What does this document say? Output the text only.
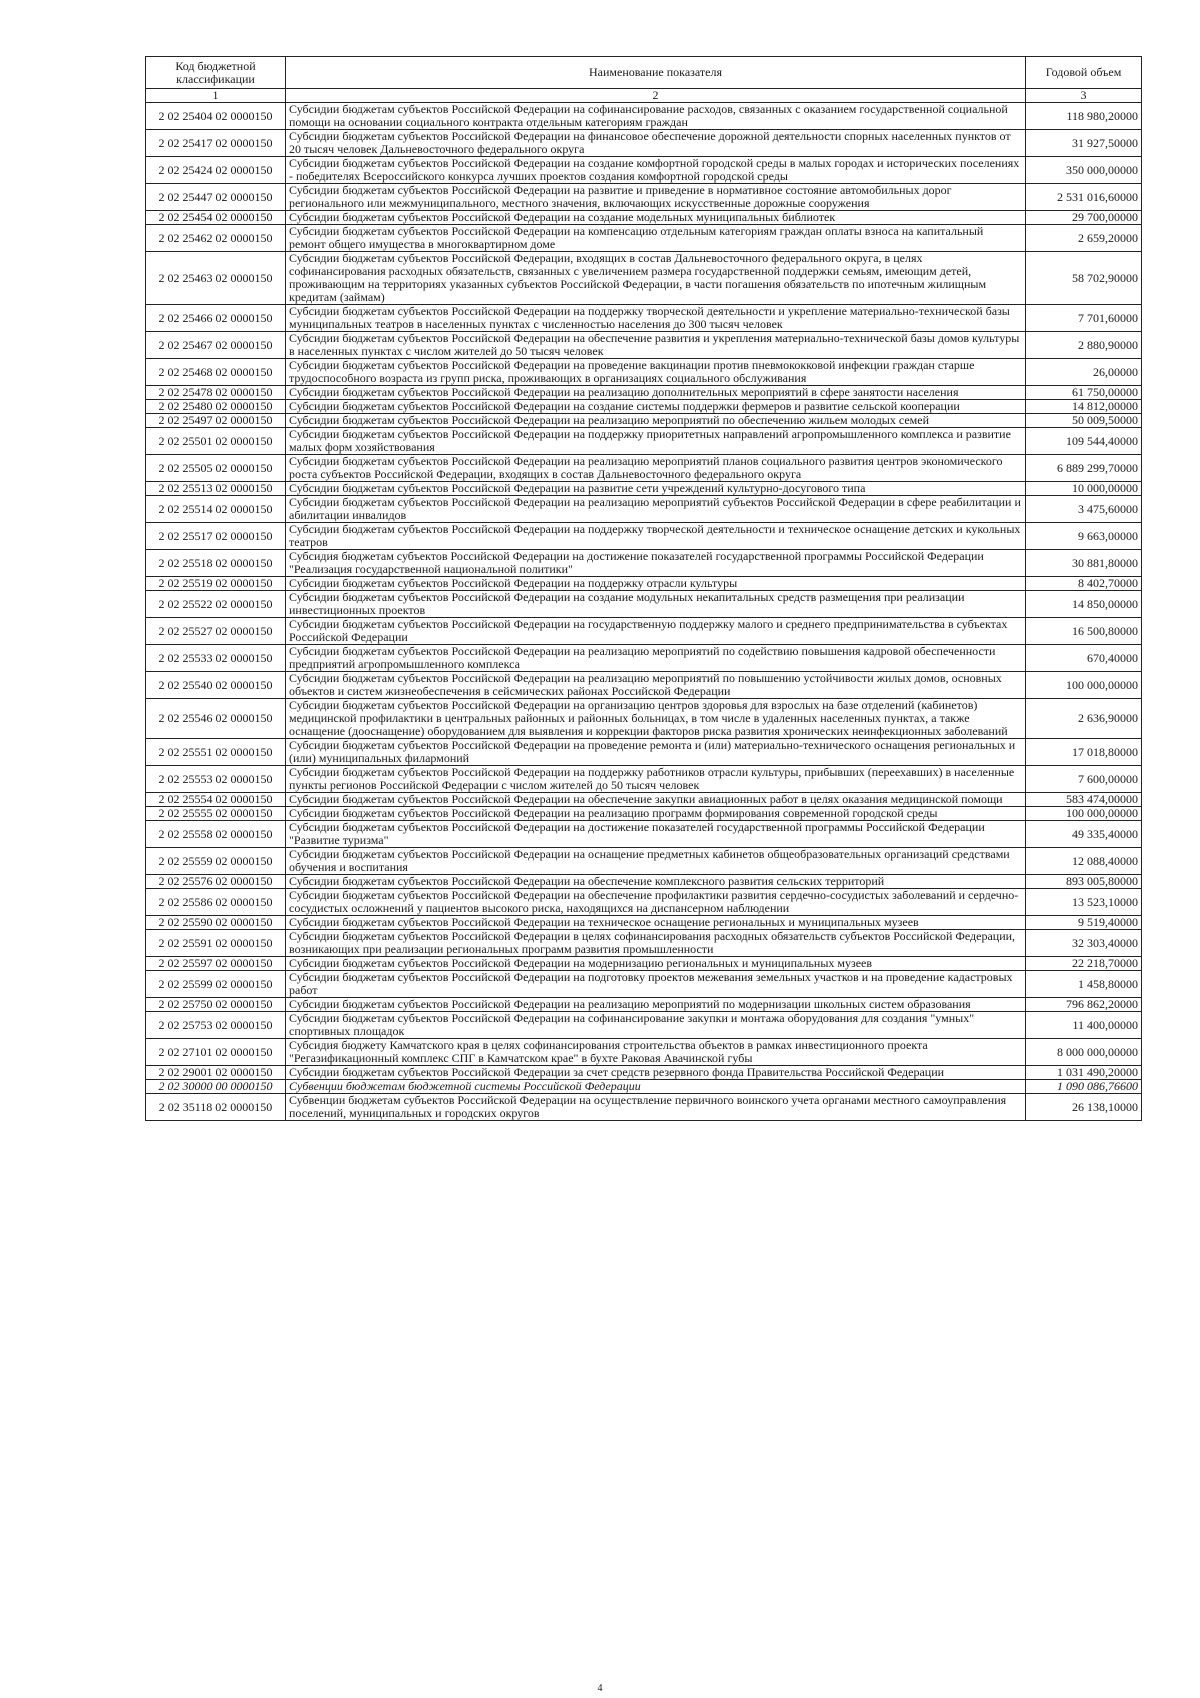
Код бюджетной классификации	Наименование показателя	Годовой объем
1	2	3
2 02 25404 02 0000150	Субсидии бюджетам субъектов Российской Федерации на софинансирование расходов, связанных с оказанием государственной социальной помощи на основании социального контракта отдельным категориям граждан	118 980,20000
2 02 25417 02 0000150	Субсидии бюджетам субъектов Российской Федерации на финансовое обеспечение дорожной деятельности спорных населенных пунктов от 20 тысяч человек Дальневосточного федерального округа	31 927,50000
2 02 25424 02 0000150	Субсидии бюджетам субъектов Российской Федерации на создание комфортной городской среды в малых городах и исторических поселениях - победителях Всероссийского конкурса лучших проектов создания комфортной городской среды	350 000,00000
2 02 25447 02 0000150	Субсидии бюджетам субъектов Российской Федерации на развитие и приведение в нормативное состояние автомобильных дорог регионального или межмуниципального, местного значения, включающих искусственные дорожные сооружения	2 531 016,60000
2 02 25454 02 0000150	Субсидии бюджетам субъектов Российской Федерации на создание модельных муниципальных библиотек	29 700,00000
2 02 25462 02 0000150	Субсидии бюджетам субъектов Российской Федерации на компенсацию отдельным категориям граждан оплаты взноса на капитальный ремонт общего имущества в многоквартирном доме	2 659,20000
2 02 25463 02 0000150	Субсидии бюджетам субъектов Российской Федерации, входящих в состав Дальневосточного федерального округа, в целях софинансирования расходных обязательств, связанных с увеличением размера государственной поддержки семьям, имеющим детей, проживающим на территориях указанных субъектов Российской Федерации, в части погашения обязательств по ипотечным жилищным кредитам (займам)	58 702,90000
2 02 25466 02 0000150	Субсидии бюджетам субъектов Российской Федерации на поддержку творческой деятельности и укрепление материально-технической базы муниципальных театров в населенных пунктах с численностью населения до 300 тысяч человек	7 701,60000
2 02 25467 02 0000150	Субсидии бюджетам субъектов Российской Федерации на обеспечение развития и укрепления материально-технической базы домов культуры в населенных пунктах с числом жителей до 50 тысяч человек	2 880,90000
2 02 25468 02 0000150	Субсидии бюджетам субъектов Российской Федерации на проведение вакцинации против пневмококковой инфекции граждан старше трудоспособного возраста из групп риска, проживающих в организациях социального обслуживания	26,00000
2 02 25478 02 0000150	Субсидии бюджетам субъектов Российской Федерации на реализацию дополнительных мероприятий в сфере занятости населения	61 750,00000
2 02 25480 02 0000150	Субсидии бюджетам субъектов Российской Федерации на создание системы поддержки фермеров и развитие сельской кооперации	14 812,00000
2 02 25497 02 0000150	Субсидии бюджетам субъектов Российской Федерации на реализацию мероприятий по обеспечению жильем молодых семей	50 009,50000
2 02 25501 02 0000150	Субсидии бюджетам субъектов Российской Федерации на поддержку приоритетных направлений агропромышленного комплекса и развитие малых форм хозяйствования	109 544,40000
2 02 25505 02 0000150	Субсидии бюджетам субъектов Российской Федерации на реализацию мероприятий планов социального развития центров экономического роста субъектов Российской Федерации, входящих в состав Дальневосточного федерального округа	6 889 299,70000
2 02 25513 02 0000150	Субсидии бюджетам субъектов Российской Федерации на развитие сети учреждений культурно-досугового типа	10 000,00000
2 02 25514 02 0000150	Субсидии бюджетам субъектов Российской Федерации на реализацию мероприятий субъектов Российской Федерации в сфере реабилитации и абилитации инвалидов	3 475,60000
2 02 25517 02 0000150	Субсидии бюджетам субъектов Российской Федерации на поддержку творческой деятельности и техническое оснащение детских и кукольных театров	9 663,00000
2 02 25518 02 0000150	Субсидия бюджетам субъектов Российской Федерации на достижение показателей государственной программы Российской Федерации "Реализация государственной национальной политики"	30 881,80000
2 02 25519 02 0000150	Субсидии бюджетам субъектов Российской Федерации на поддержку отрасли культуры	8 402,70000
2 02 25522 02 0000150	Субсидии бюджетам субъектов Российской Федерации на создание модульных некапитальных средств размещения при реализации инвестиционных проектов	14 850,00000
2 02 25527 02 0000150	Субсидии бюджетам субъектов Российской Федерации на государственную поддержку малого и среднего предпринимательства в субъектах Российской Федерации	16 500,80000
2 02 25533 02 0000150	Субсидии бюджетам субъектов Российской Федерации на реализацию мероприятий по содействию повышения кадровой обеспеченности предприятий агропромышленного комплекса	670,40000
2 02 25540 02 0000150	Субсидии бюджетам субъектов Российской Федерации на реализацию мероприятий по повышению устойчивости жилых домов, основных объектов и систем жизнеобеспечения в сейсмических районах Российской Федерации	100 000,00000
2 02 25546 02 0000150	Субсидии бюджетам субъектов Российской Федерации на организацию центров здоровья для взрослых на базе отделений (кабинетов) медицинской профилактики в центральных районных и районных больницах, в том числе в удаленных населенных пунктах, а также оснащение (дооснащение) оборудованием для выявления и коррекции факторов риска развития хронических неинфекционных заболеваний	2 636,90000
2 02 25551 02 0000150	Субсидии бюджетам субъектов Российской Федерации на проведение ремонта и (или) материально-технического оснащения региональных и (или) муниципальных филармоний	17 018,80000
2 02 25553 02 0000150	Субсидии бюджетам субъектов Российской Федерации на поддержку работников отрасли культуры, прибывших (переехавших) в населенные пункты регионов Российской Федерации с числом жителей до 50 тысяч человек	7 600,00000
2 02 25554 02 0000150	Субсидии бюджетам субъектов Российской Федерации на обеспечение закупки авиационных работ в целях оказания медицинской помощи	583 474,00000
2 02 25555 02 0000150	Субсидии бюджетам субъектов Российской Федерации на реализацию программ формирования современной городской среды	100 000,00000
2 02 25558 02 0000150	Субсидии бюджетам субъектов Российской Федерации на достижение показателей государственной программы Российской Федерации "Развитие туризма"	49 335,40000
2 02 25559 02 0000150	Субсидии бюджетам субъектов Российской Федерации на оснащение предметных кабинетов общеобразовательных организаций средствами обучения и воспитания	12 088,40000
2 02 25576 02 0000150	Субсидии бюджетам субъектов Российской Федерации на обеспечение комплексного развития сельских территорий	893 005,80000
2 02 25586 02 0000150	Субсидии бюджетам субъектов Российской Федерации на обеспечение профилактики развития сердечно-сосудистых заболеваний и сердечно-сосудистых осложнений у пациентов высокого риска, находящихся на диспансерном наблюдении	13 523,10000
2 02 25590 02 0000150	Субсидии бюджетам субъектов Российской Федерации на техническое оснащение региональных и муниципальных музеев	9 519,40000
2 02 25591 02 0000150	Субсидии бюджетам субъектов Российской Федерации в целях софинансирования расходных обязательств субъектов Российской Федерации, возникающих при реализации региональных программ развития промышленности	32 303,40000
2 02 25597 02 0000150	Субсидии бюджетам субъектов Российской Федерации на модернизацию региональных и муниципальных музеев	22 218,70000
2 02 25599 02 0000150	Субсидии бюджетам субъектов Российской Федерации на подготовку проектов межевания земельных участков и на проведение кадастровых работ	1 458,80000
2 02 25750 02 0000150	Субсидии бюджетам субъектов Российской Федерации на реализацию мероприятий по модернизации школьных систем образования	796 862,20000
2 02 25753 02 0000150	Субсидии бюджетам субъектов Российской Федерации на софинансирование закупки и монтажа оборудования для создания "умных" спортивных площадок	11 400,00000
2 02 27101 02 0000150	Субсидия бюджету Камчатского края в целях софинансирования строительства объектов в рамках инвестиционного проекта "Регазификационный комплекс СПГ в Камчатском крае" в бухте Раковая Авачинской губы	8 000 000,00000
2 02 29001 02 0000150	Субсидии бюджетам субъектов Российской Федерации за счет средств резервного фонда Правительства Российской Федерации	1 031 490,20000
2 02 30000 00 0000150	Субвенции бюджетам бюджетной системы Российской Федерации	1 090 086,76600
2 02 35118 02 0000150	Субвенции бюджетам субъектов Российской Федерации на осуществление первичного воинского учета органами местного самоуправления поселений, муниципальных и городских округов	26 138,10000
4
